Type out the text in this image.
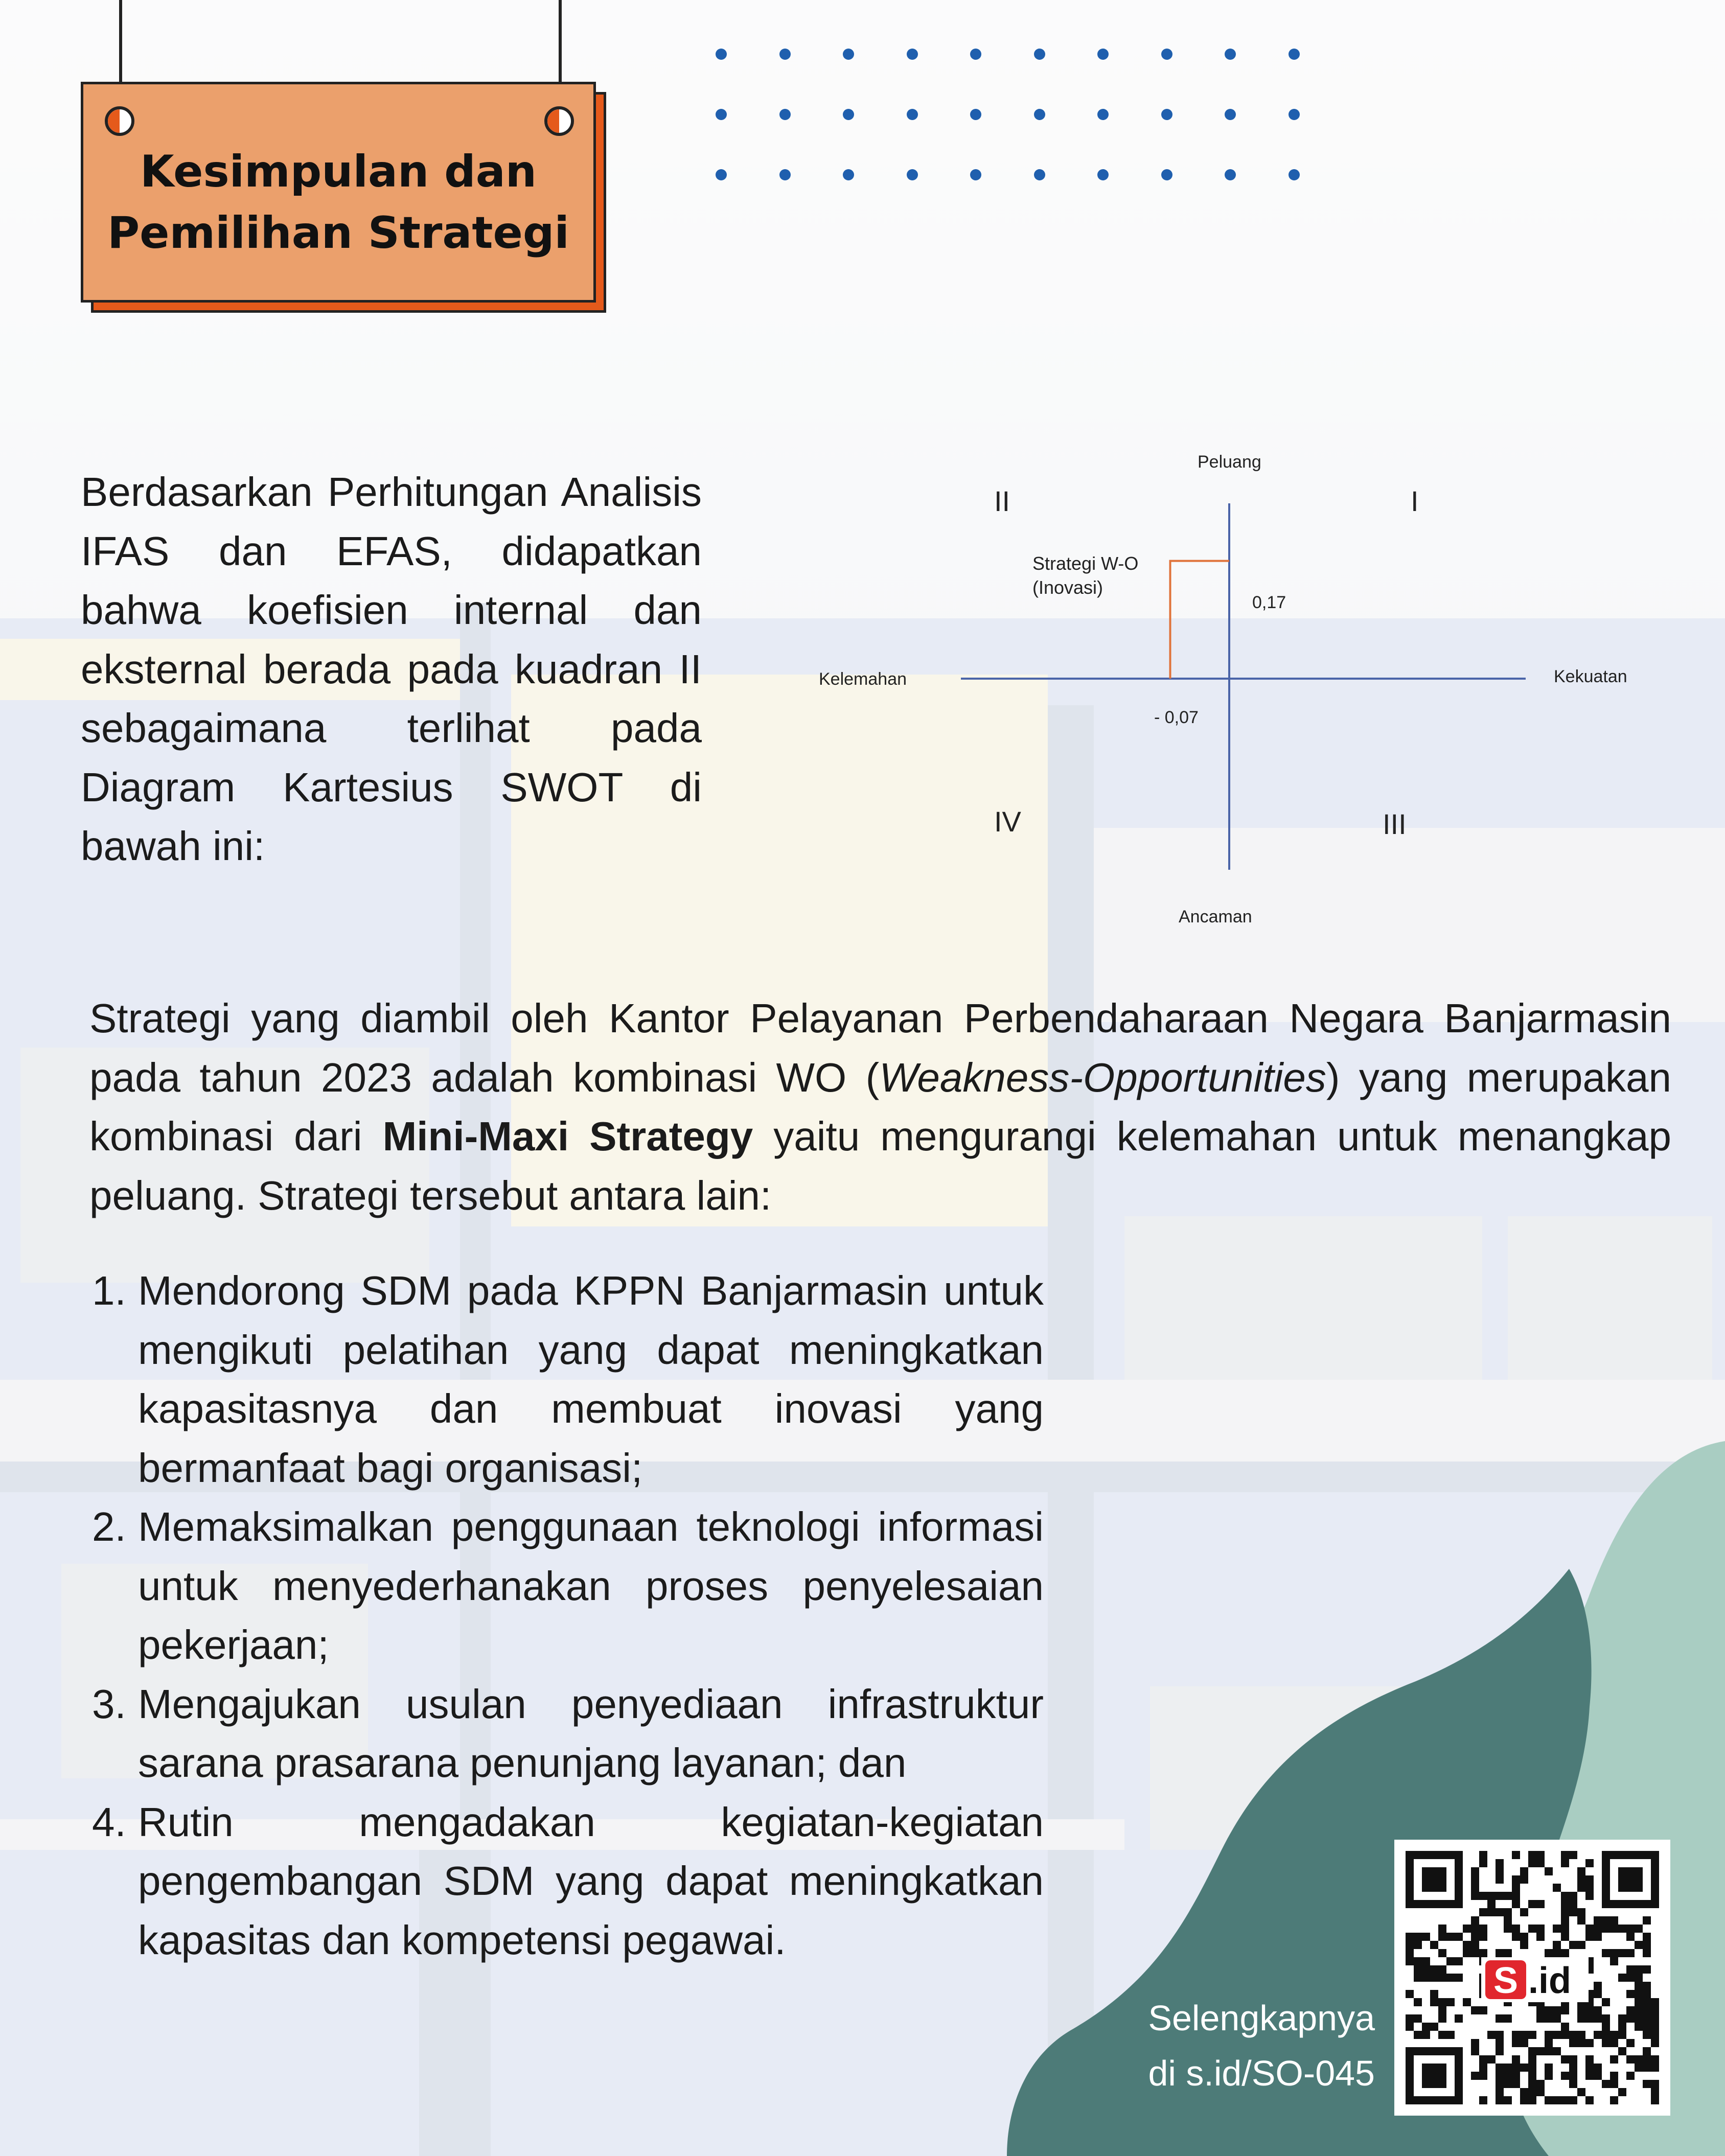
Kesimpulan dan
Pemilihan Strategi
Berdasarkan Perhitungan Analisis IFAS dan EFAS, didapatkan bahwa koefisien internal dan eksternal berada pada kuadran II sebagaimana terlihat pada Diagram Kartesius SWOT di bawah ini:
Peluang
Ancaman
Kelemahan	Kekuatan
II	I
IV	III
Strategi W-O
(Inovasi)
0,17
- 0,07
Strategi yang diambil oleh Kantor Pelayanan Perbendaharaan Negara Banjarmasin pada tahun 2023 adalah kombinasi WO (Weakness-Opportunities) yang merupakan kombinasi dari Mini-Maxi Strategy yaitu mengurangi kelemahan untuk menangkap peluang. Strategi tersebut antara lain:
1. Mendorong SDM pada KPPN Banjarmasin untuk mengikuti pelatihan yang dapat meningkatkan kapasitasnya dan membuat inovasi yang bermanfaat bagi organisasi;
2. Memaksimalkan penggunaan teknologi informasi untuk menyederhanakan proses penyelesaian pekerjaan;
3. Mengajukan usulan penyediaan infrastruktur sarana prasarana penunjang layanan; dan
4. Rutin mengadakan kegiatan-kegiatan pengembangan SDM yang dapat meningkatkan kapasitas dan kompetensi pegawai.
Selengkapnya
di s.id/SO-045
S .id
